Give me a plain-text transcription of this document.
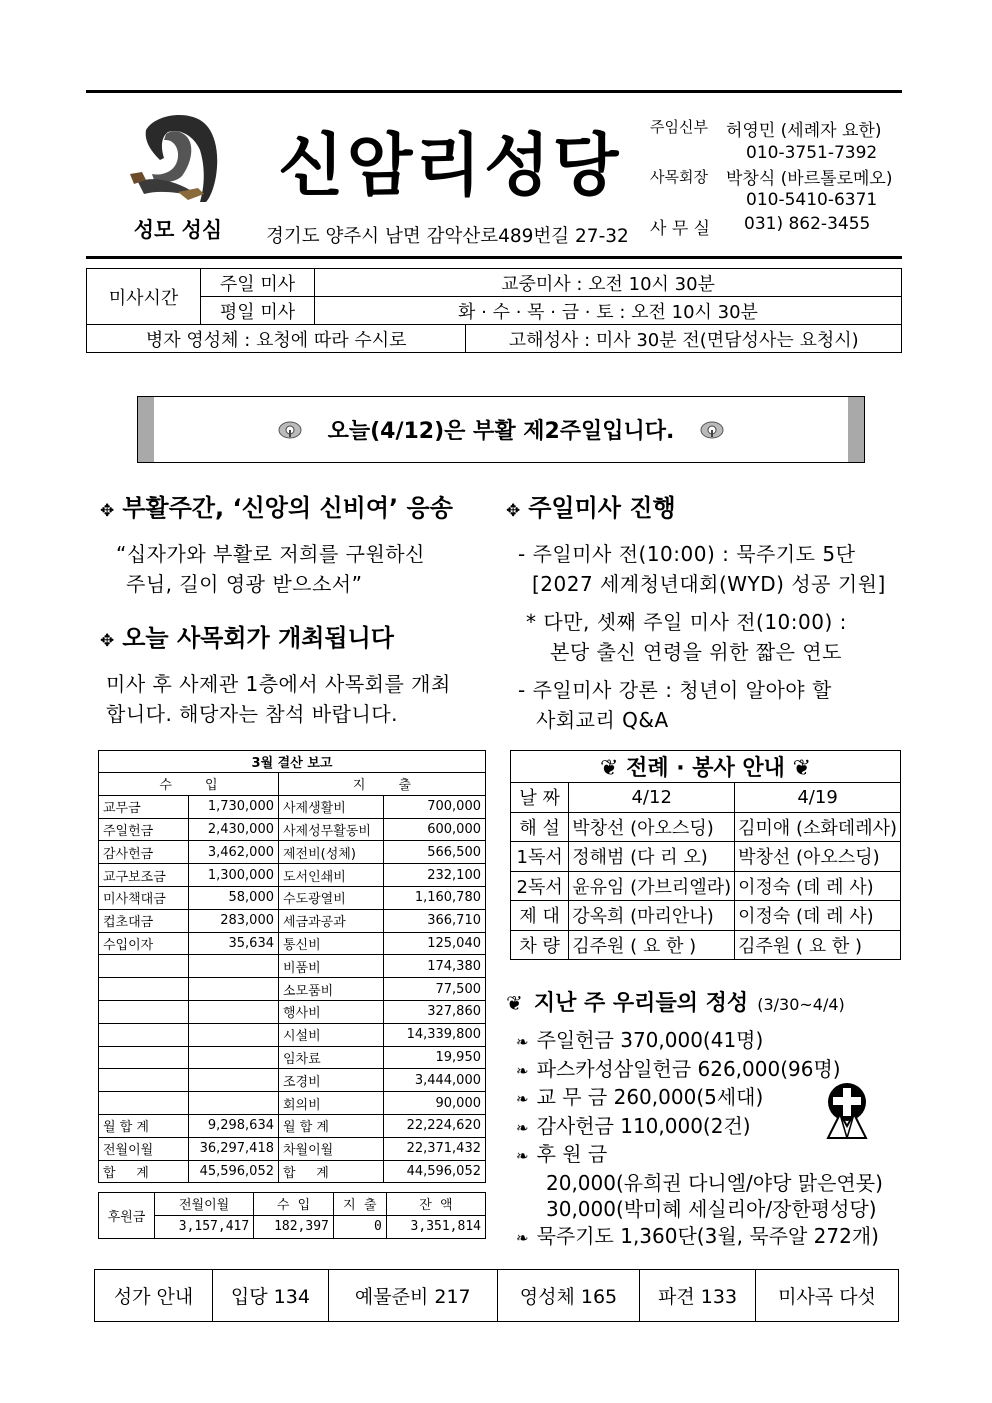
성모 성심
신암리성당
경기도 양주시 남면 감악산로489번길 27-32
주임신부 허영민 (세례자 요한)
010-3751-7392
사목회장 박창식 (바르톨로메오)
010-5410-6371
사 무 실 031) 862-3455
미사시간	주일 미사	교중미사 : 오전 10시 30분	
	평일 미사	화 · 수 · 목 · 금 · 토 : 오전 10시 30분	
병자 영성체 : 요청에 따라 수시로			고해성사 : 미사 30분 전(면담성사는 요청시)
오늘(4/12)은 부활 제2주일입니다.
✥ 부활주간, ‘신앙의 신비여’ 응송
“십자가와 부활로 저희를 구원하신
주님, 길이 영광 받으소서”
✥ 오늘 사목회가 개최됩니다
미사 후 사제관 1층에서 사목회를 개최
합니다. 해당자는 참석 바랍니다.
✥ 주일미사 진행
- 주일미사 전(10:00) : 묵주기도 5단
[2027 세계청년대회(WYD) 성공 기원]
* 다만, 셋째 주일 미사 전(10:00) :
본당 출신 연령을 위한 짧은 연도
- 주일미사 강론 : 청년이 알아야 할
사회교리 Q&A
3월 결산 보고			
수        입		지        출	
교무금	1,730,000	사제생활비	700,000
주일헌금	2,430,000	사제성무활동비	600,000
감사헌금	3,462,000	제전비(성체)	566,500
교구보조금	1,300,000	도서인쇄비	232,100
미사책대금	58,000	수도광열비	1,160,780
컵초대금	283,000	세금과공과	366,710
수입이자	35,634	통신비	125,040
		비품비	174,380
		소모품비	77,500
		행사비	327,860
		시설비	14,339,800
		임차료	19,950
		조경비	3,444,000
		회의비	90,000
월 합 계	9,298,634	월 합 계	22,224,620
전월이월	36,297,418	차월이월	22,371,432
합     계	45,596,052	합     계	44,596,052
후원금	전월이월	수  입	지  출	잔  액
	3,157,417	182,397	0	3,351,814
❦ 전례 · 봉사 안내 ❦		
날 짜	4/12	4/19
해 설	박창선 (아오스딩)	김미애 (소화데레사)
1독서	정해범 (다 리 오)	박창선 (아오스딩)
2독서	윤유임 (가브리엘라)	이정숙 (데 레 사)
제 대	강옥희 (마리안나)	이정숙 (데 레 사)
차 량	김주원 ( 요 한 )	김주원 ( 요 한 )
❦ 지난 주 우리들의 정성 (3/30~4/4)
❧ 주일헌금 370,000(41명)
❧ 파스카성삼일헌금 626,000(96명)
❧ 교 무 금 260,000(5세대)
❧ 감사헌금 110,000(2건)
❧ 후 원 금
20,000(유희권 다니엘/야당 맑은연못)
30,000(박미혜 세실리아/장한평성당)
❧ 묵주기도 1,360단(3월, 묵주알 272개)
성가 안내	입당 134	예물준비 217	영성체 165	파견 133	미사곡 다섯
